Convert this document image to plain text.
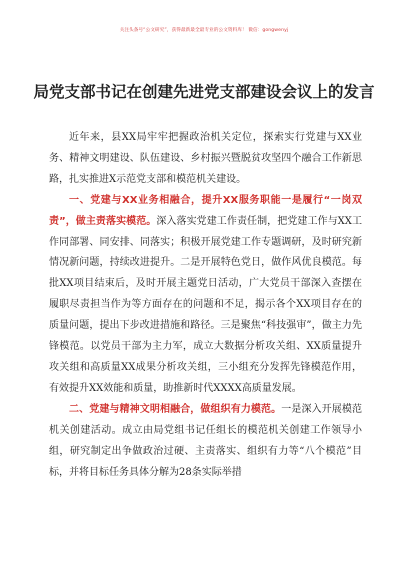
关注头条号“公文研究”，获得最新最全最专业的公文资料库！ 微信：gongwenyj
局党支部书记在创建先进党支部建设会议上的发言

近年来，县XX局牢牢把握政治机关定位，探索实行党建与XX业务、精神文明建设、队伍建设、乡村振兴暨脱贫攻坚四个融合工作新思路，扎实推进X示范党支部和模范机关建设。

一、党建与XX业务相融合，提升XX服务职能一是履行“一岗双责”，做主责落实模范。深入落实党建工作责任制，把党建工作与XX工作同部署、同安排、同落实；积极开展党建工作专题调研，及时研究新情况新问题，持续改进提升。二是开展特色党日，做作风优良模范。每批XX项目结束后，及时开展主题党日活动，广大党员干部深入查摆在履职尽责担当作为等方面存在的问题和不足，揭示各个XX项目存在的质量问题，提出下步改进措施和路径。三是聚焦“科技强审”，做主力先锋模范。以党员干部为主力军，成立大数据分析攻关组、XX质量提升攻关组和高质量XX成果分析攻关组，三小组充分发挥先锋模范作用，有效提升XX效能和质量，助推新时代XXXX高质量发展。

二、党建与精神文明相融合，做组织有力模范。一是深入开展模范机关创建活动。成立由局党组书记任组长的模范机关创建工作领导小组，研究制定出争做政治过硬、主责落实、组织有力等“八个模范”目标，并将目标任务具体分解为28条实际举措
